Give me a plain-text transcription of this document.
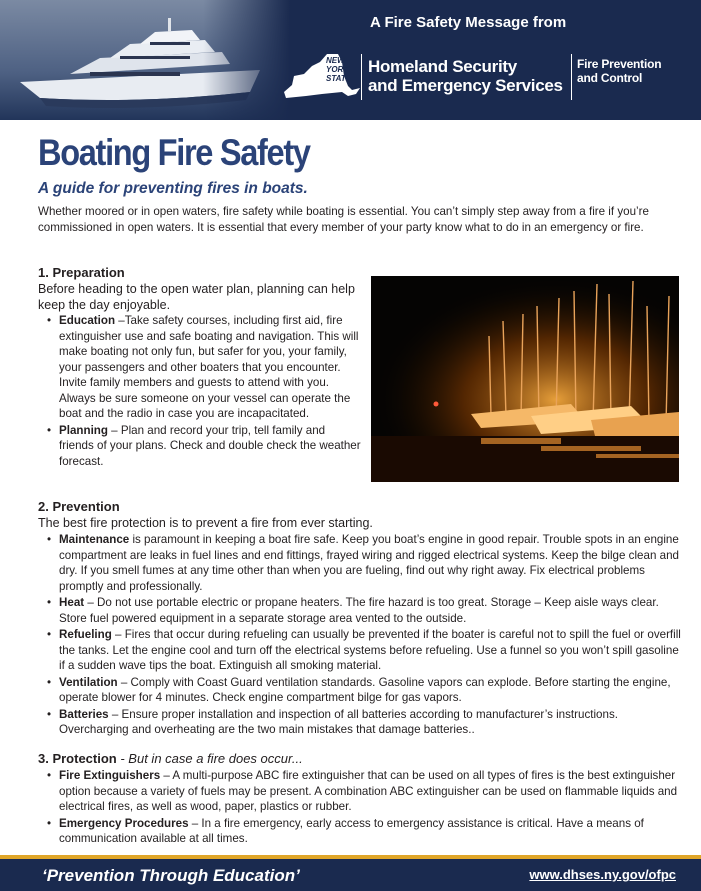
A Fire Safety Message from
NEW
YORK
STATE
Homeland Security
and Emergency Services
Fire Prevention
and Control
Boating Fire Safety
A guide for preventing fires in boats.

Whether moored or in open waters, fire safety while boating is essential. You can’t simply step away from a fire if you’re commissioned in open waters. It is essential that every member of your party know what to do in an emergency or fire.

1. Preparation

Before heading to the open water plan, planning can help keep the day enjoyable.

• Education –Take safety courses, including first aid, fire extinguisher use and safe boating and navigation. This will make boating not only fun, but safer for you, your family, your passengers and other boaters that you encounter. Invite family members and guests to attend with you. Always be sure someone on your vessel can operate the boat and the radio in case you are incapacitated.
• Planning – Plan and record your trip, tell family and friends of your plans. Check and double check the weather forecast.
2. Prevention

The best fire protection is to prevent a fire from ever starting.

• Maintenance is paramount in keeping a boat fire safe. Keep you boat’s engine in good repair. Trouble spots in an engine compartment are leaks in fuel lines and end fittings, frayed wiring and rigged electrical systems. Keep the bilge clean and dry. If you smell fumes at any time other than when you are fueling, find out why right away. Fix electrical problems promptly and professionally.
• Heat – Do not use portable electric or propane heaters. The fire hazard is too great. Storage – Keep aisle ways clear. Store fuel powered equipment in a separate storage area vented to the outside.
• Refueling – Fires that occur during refueling can usually be prevented if the boater is careful not to spill the fuel or overfill the tanks. Let the engine cool and turn off the electrical systems before refueling. Use a funnel so you won’t spill gasoline if a sudden wave tips the boat. Extinguish all smoking material.
• Ventilation – Comply with Coast Guard ventilation standards. Gasoline vapors can explode. Before starting the engine, operate blower for 4 minutes. Check engine compartment bilge for gas vapors.
• Batteries – Ensure proper installation and inspection of all batteries according to manufacturer’s instructions. Overcharging and overheating are the two main mistakes that damage batteries..
3. Protection - But in case a fire does occur...
• Fire Extinguishers – A multi-purpose ABC fire extinguisher that can be used on all types of fires is the best extinguisher option because a variety of fuels may be present. A combination ABC extinguisher can be used on flammable liquids and electrical fires, as well as wood, paper, plastics or rubber.
• Emergency Procedures – In a fire emergency, early access to emergency assistance is critical. Have a means of communication available at all times.
‘Prevention Through Education’	www.dhses.ny.gov/ofpc
